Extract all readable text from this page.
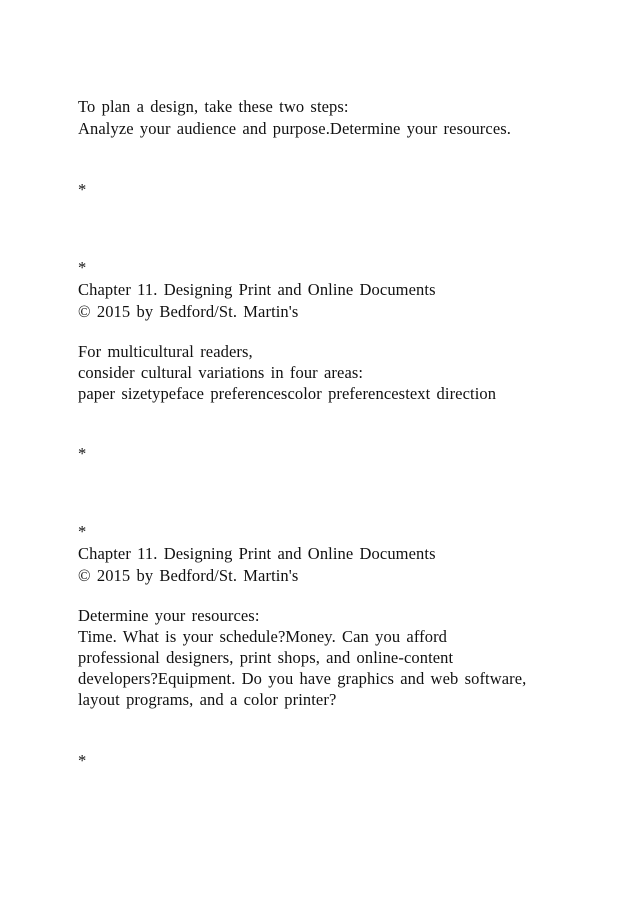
To plan a design, take these two steps:

Analyze your audience and purpose.Determine your resources.

*

*

Chapter 11. Designing Print and Online Documents

© 2015 by Bedford/St. Martin's

For multicultural readers,

consider cultural variations in four areas:

paper sizetypeface preferencescolor preferencestext direction

*

*

Chapter 11. Designing Print and Online Documents

© 2015 by Bedford/St. Martin's

Determine your resources:

Time. What is your schedule?Money. Can you afford

professional designers, print shops, and online-content

developers?Equipment. Do you have graphics and web software,

layout programs, and a color printer?

*
